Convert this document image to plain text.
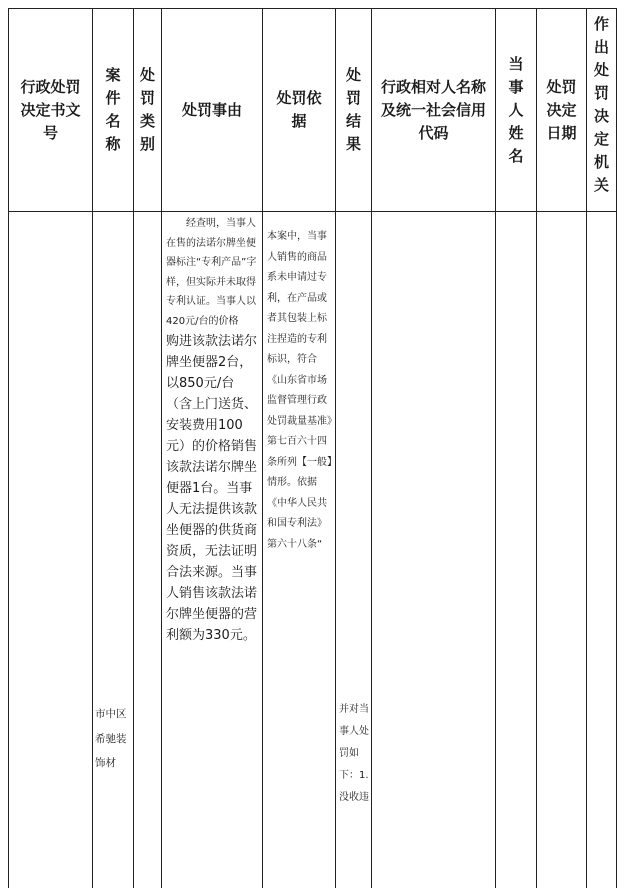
行政处罚决定书文号
案件名称
处罚类别
处罚事由
处罚依据
处罚结果
行政相对人名称及统一社会信用代码
当事人姓名
处罚决定日期
作出处罚决定机关
市中区希驰装饰材
经查明，当事人在售的法诺尔牌坐便器标注“专利产品”字样，但实际并未取得专利认证。当事人以420元/台的价格
购进该款法诺尔牌坐便器2台，以850元/台（含上门送货、安装费用100元）的价格销售该款法诺尔牌坐便器1台。当事人无法提供该款坐便器的供货商资质，无法证明合法来源。当事人销售该款法诺尔牌坐便器的营利额为330元。
本案中，当事人销售的商品系未申请过专利，在产品或者其包装上标注捏造的专利标识，符合《山东省市场监督管理行政处罚裁量基准》第七百六十四条所列【一般】情形。依据《中华人民共和国专利法》第六十八条“
并对当事人处罚如下：1.没收违
